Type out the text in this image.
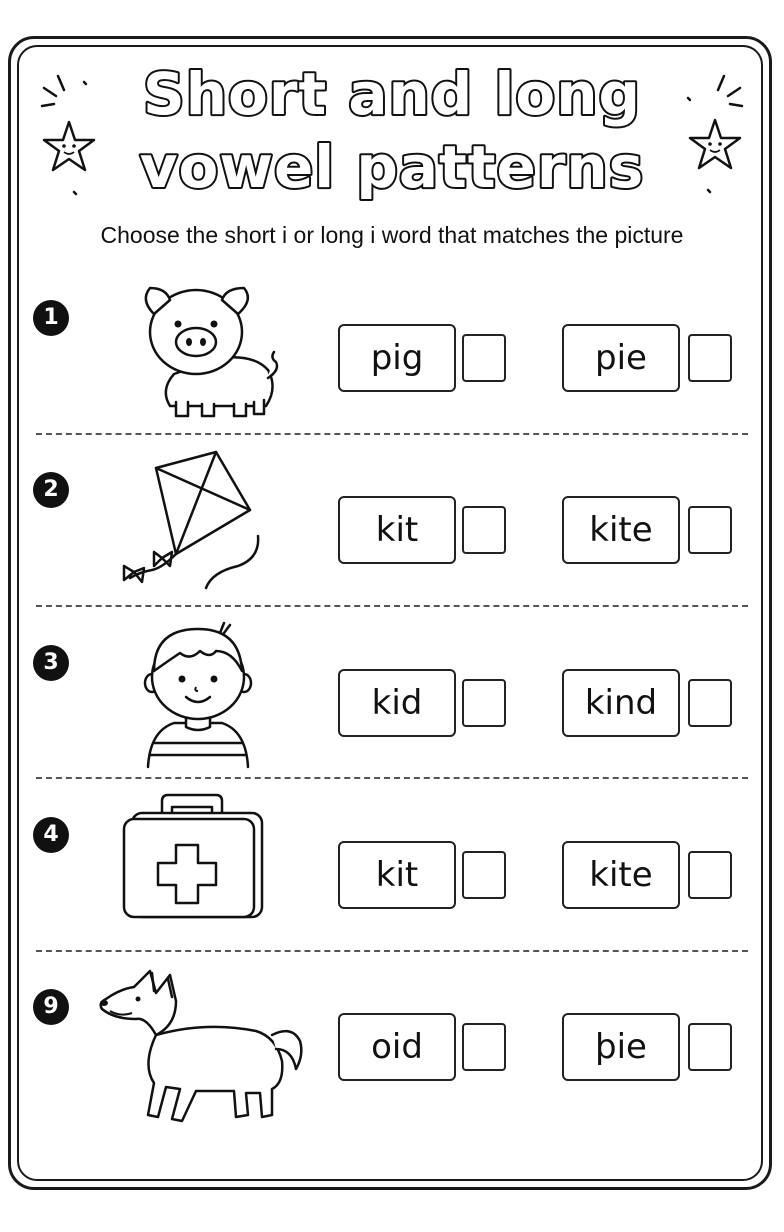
Short and long
vowel patterns
Choose the short i or long i word that matches the picture
1
pig	pie
2
kit	kite
3
kid	kind
4
kit	kite
9
oid	þie
